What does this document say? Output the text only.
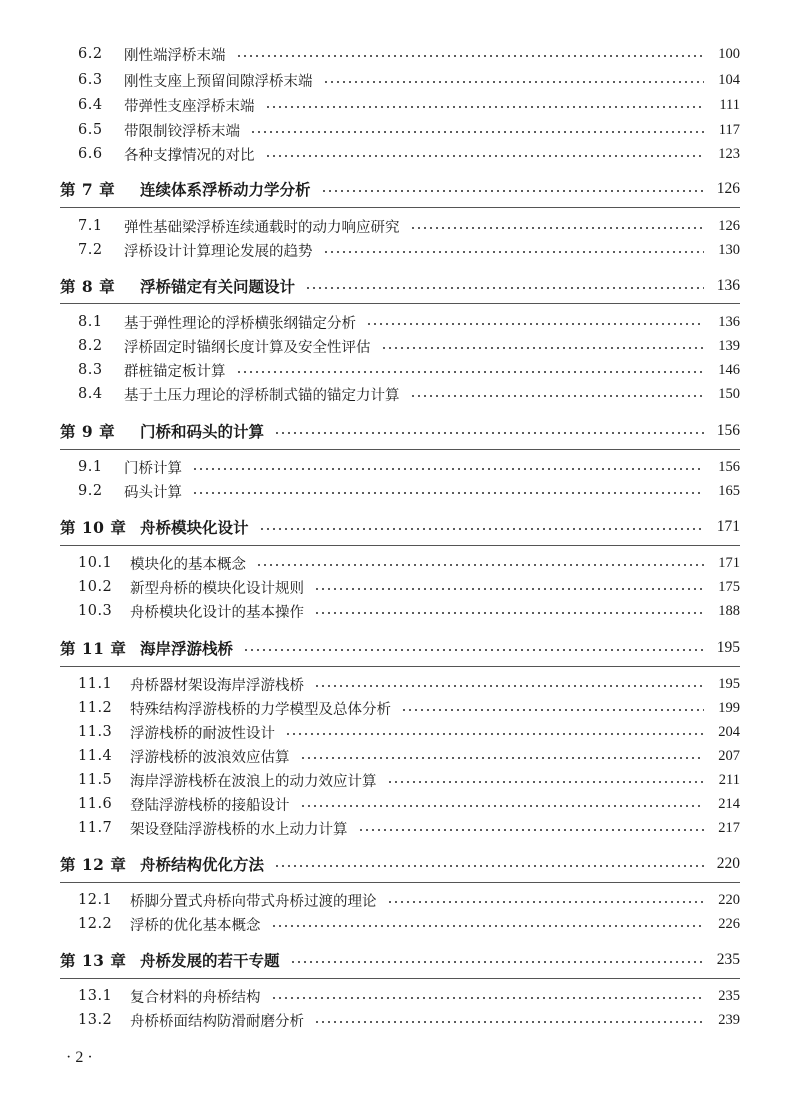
6.2	刚性端浮桥末端	100
6.3	刚性支座上预留间隙浮桥末端	104
6.4	带弹性支座浮桥末端	111
6.5	带限制铰浮桥末端	117
6.6	各种支撑情况的对比	123
第 7 章	连续体系浮桥动力学分析	126
7.1	弹性基础梁浮桥连续通载时的动力响应研究	126
7.2	浮桥设计计算理论发展的趋势	130
第 8 章	浮桥锚定有关问题设计	136
8.1	基于弹性理论的浮桥横张纲锚定分析	136
8.2	浮桥固定时锚纲长度计算及安全性评估	139
8.3	群桩锚定板计算	146
8.4	基于土压力理论的浮桥制式锚的锚定力计算	150
第 9 章	门桥和码头的计算	156
9.1	门桥计算	156
9.2	码头计算	165
第 10 章 舟桥模块化设计	171
10.1	模块化的基本概念	171
10.2	新型舟桥的模块化设计规则	175
10.3	舟桥模块化设计的基本操作	188
第 11 章 海岸浮游栈桥	195
11.1	舟桥器材架设海岸浮游栈桥	195
11.2	特殊结构浮游栈桥的力学模型及总体分析	199
11.3	浮游栈桥的耐波性设计	204
11.4	浮游栈桥的波浪效应估算	207
11.5	海岸浮游栈桥在波浪上的动力效应计算	211
11.6	登陆浮游栈桥的接船设计	214
11.7	架设登陆浮游栈桥的水上动力计算	217
第 12 章 舟桥结构优化方法	220
12.1	桥脚分置式舟桥向带式舟桥过渡的理论	220
12.2	浮桥的优化基本概念	226
第 13 章 舟桥发展的若干专题	235
13.1	复合材料的舟桥结构	235
13.2	舟桥桥面结构防滑耐磨分析	239
· 2 ·
